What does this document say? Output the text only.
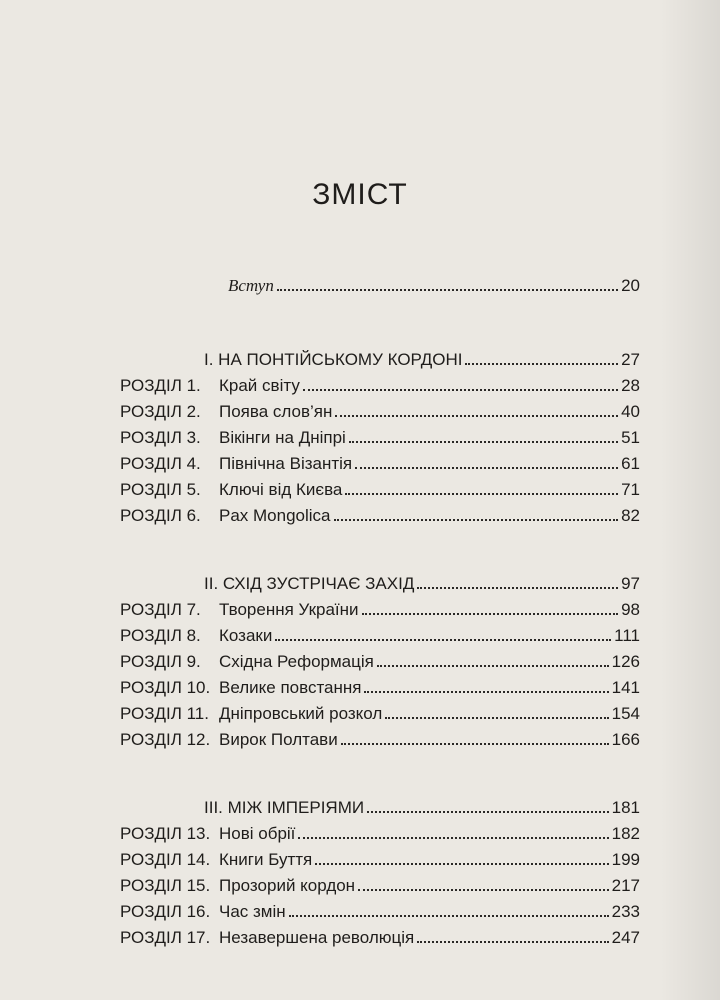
ЗМІСТ
Вступ	20
I. НА ПОНТІЙСЬКОМУ КОРДОНІ	27
РОЗДІЛ 1.	Край світу	28
РОЗДІЛ 2.	Поява слов’ян	40
РОЗДІЛ 3.	Вікінги на Дніпрі	51
РОЗДІЛ 4.	Північна Візантія	61
РОЗДІЛ 5.	Ключі від Києва	71
РОЗДІЛ 6.	Pax Mongolica	82
II. СХІД ЗУСТРІЧАЄ ЗАХІД	97
РОЗДІЛ 7.	Творення України	98
РОЗДІЛ 8.	Козаки	111
РОЗДІЛ 9.	Східна Реформація	126
РОЗДІЛ 10. Велике повстання	141
РОЗДІЛ 11. Дніпровський розкол	154
РОЗДІЛ 12. Вирок Полтави	166
III. МІЖ ІМПЕРІЯМИ	181
РОЗДІЛ 13. Нові обрії	182
РОЗДІЛ 14. Книги Буття	199
РОЗДІЛ 15. Прозорий кордон	217
РОЗДІЛ 16. Час змін	233
РОЗДІЛ 17. Незавершена революція	247
